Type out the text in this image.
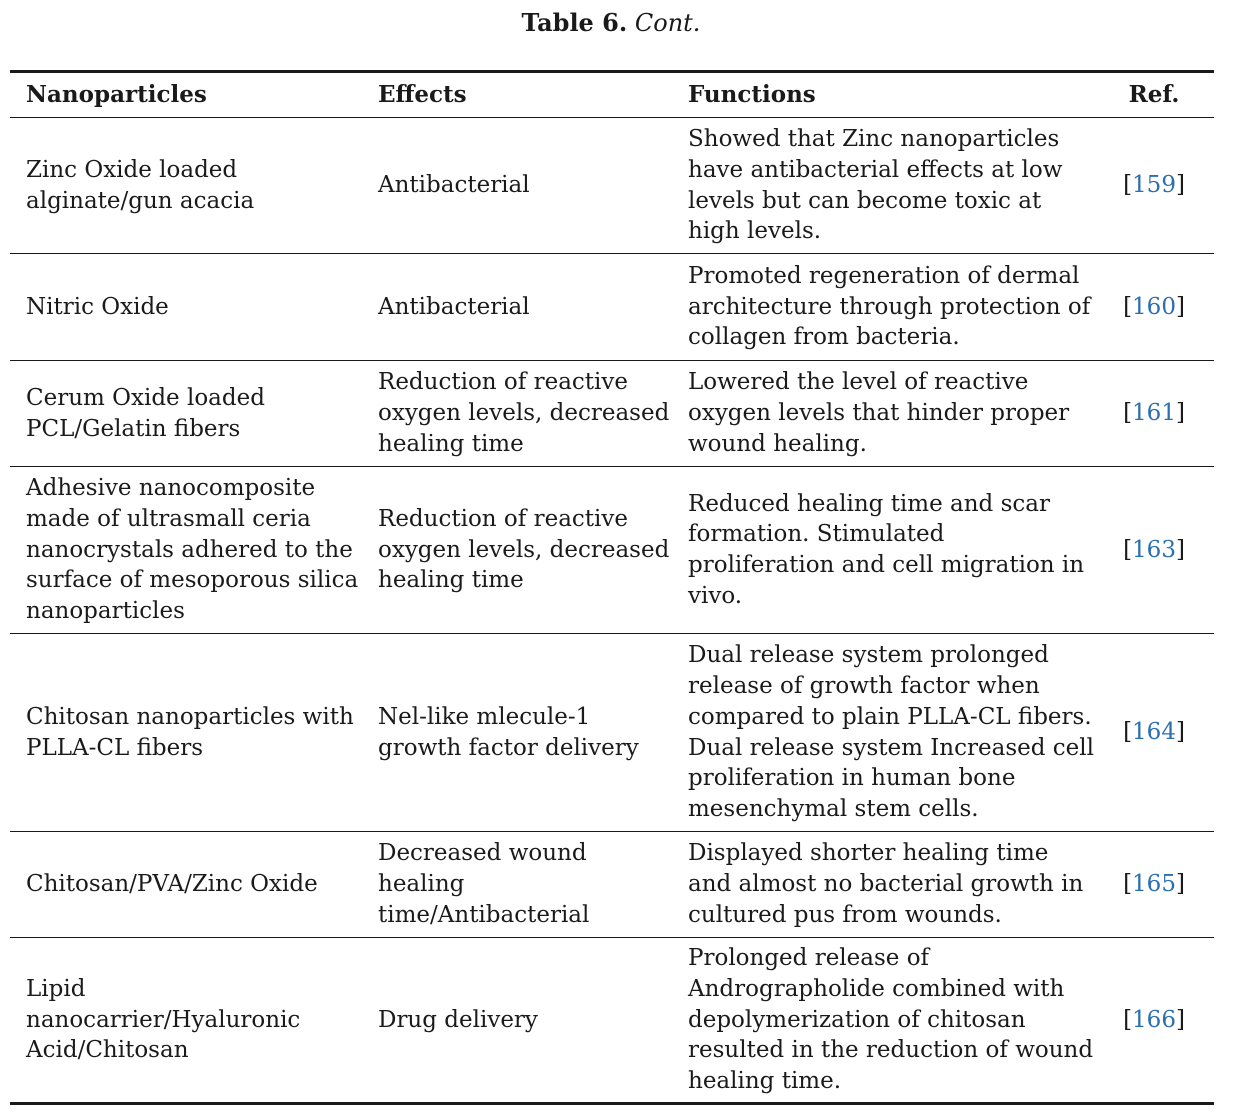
Table 6. Cont.
Nanoparticles	Effects	Functions	Ref.
Zinc Oxide loaded alginate/gun acacia	Antibacterial	Showed that Zinc nanoparticles have antibacterial effects at low levels but can become toxic at high levels.	[159]
Nitric Oxide	Antibacterial	Promoted regeneration of dermal architecture through protection of collagen from bacteria.	[160]
Cerum Oxide loaded PCL/Gelatin fibers	Reduction of reactive oxygen levels, decreased healing time	Lowered the level of reactive oxygen levels that hinder proper wound healing.	[161]
Adhesive nanocomposite made of ultrasmall ceria nanocrystals adhered to the surface of mesoporous silica nanoparticles	Reduction of reactive oxygen levels, decreased healing time	Reduced healing time and scar formation. Stimulated proliferation and cell migration in vivo.	[163]
Chitosan nanoparticles with PLLA-CL fibers	Nel-like mlecule-1 growth factor delivery	Dual release system prolonged release of growth factor when compared to plain PLLA-CL fibers. Dual release system Increased cell proliferation in human bone mesenchymal stem cells.	[164]
Chitosan/PVA/Zinc Oxide	Decreased wound healing time/Antibacterial	Displayed shorter healing time and almost no bacterial growth in cultured pus from wounds.	[165]
Lipid nanocarrier/Hyaluronic Acid/Chitosan	Drug delivery	Prolonged release of Andrographolide combined with depolymerization of chitosan resulted in the reduction of wound healing time.	[166]
